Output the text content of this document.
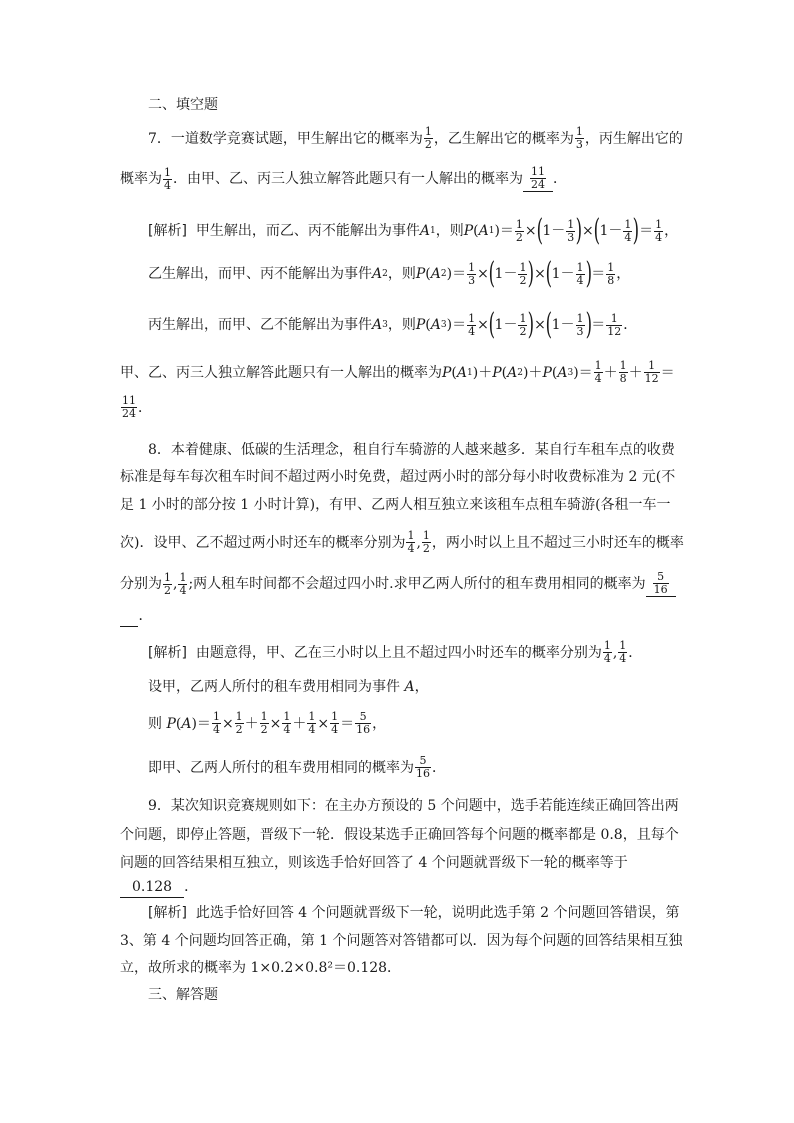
二、填空题
7．一道数学竞赛试题，甲生解出它的概率为 $\frac{1}{2}$ ，乙生解出它的概率为 $\frac{1}{3}$ ，丙生解出它的
概率为 $\frac{1}{4}$ ．由甲、乙、丙三人独立解答此题只有一人解出的概率为 $\frac{11}{24}$ ．
[解析]
甲生解出，而乙、丙不能解出为事件 A 1 ，则 P ( A 1 )＝ $\frac{1}{2}$ × ( $1- \frac{1}{3}$ ) × ( $1- \frac{1}{4}$ ) ＝ $\frac{1}{4}$ ，
乙生解出，而甲、丙不能解出为事件 A 2 ，则 P ( A 2 )＝ $\frac{1}{3}$ × ( $1- \frac{1}{2}$ ) × ( $1- \frac{1}{4}$ ) ＝ $\frac{1}{8}$ ，
丙生解出，而甲、乙不能解出为事件 A 3 ，则 P ( A 3 )＝ $\frac{1}{4}$ × ( $1- \frac{1}{2}$ ) × ( $1- \frac{1}{3}$ ) ＝ $\frac{1}{12}$ ．
甲、乙、丙三人独立解答此题只有一人解出的概率为 P ( A 1 )＋ P ( A 2 )＋ P ( A 3 )＝ $\frac{1}{4} + \frac{1}{8} + \frac{1}{12}$ ＝
$\frac{11}{24}$ ．
8．本着健康、低碳的生活理念，租自行车骑游的人越来越多．某自行车租车点的收费
标准是每车每次租车时间不超过两小时免费，超过两小时的部分每小时收费标准为 2 元(不
足 1 小时的部分按 1 小时计算)，有甲、乙两人相互独立来该租车点租车骑游(各租一车一
次)．设甲、乙不超过两小时还车的概率分别为 $\frac{1}{4}$ , $\frac{1}{2}$ ，两小时以上且不超过三小时还车的概率
分别为 $\frac{1}{2}$ , $\frac{1}{4}$ ;两人租车时间都不会超过四小时.求甲乙两人所付的租车费用相同的概率为 $\frac{5}{16}$
．
[解析]
由题意得，甲、乙在三小时以上且不超过四小时还车的概率分别为 $\frac{1}{4}$ , $\frac{1}{4}$ ．
设甲，乙两人所付的租车费用相同为事件
A ，
则
P ( A )＝ $\frac{1}{4} \times \frac{1}{2} + \frac{1}{2} \times \frac{1}{4} + \frac{1}{4} \times \frac{1}{4} = \frac{5}{16}$ ，
即甲、乙两人所付的租车费用相同的概率为 $\frac{5}{16}$ ．
9．某次知识竞赛规则如下：在主办方预设的 5 个问题中，选手若能连续正确回答出两
个问题，即停止答题，晋级下一轮．假设某选手正确回答每个问题的概率都是 0.8，且每个
问题的回答结果相互独立，则该选手恰好回答了 4 个问题就晋级下一轮的概率等于
0.128 ．
[解析] 此选手恰好回答 4 个问题就晋级下一轮，说明此选手第 2 个问题回答错误，第
3、第 4 个问题均回答正确，第 1 个问题答对答错都可以．因为每个问题的回答结果相互独
立，故所求的概率为 1×0.2×0.8²＝0.128．
三、解答题
